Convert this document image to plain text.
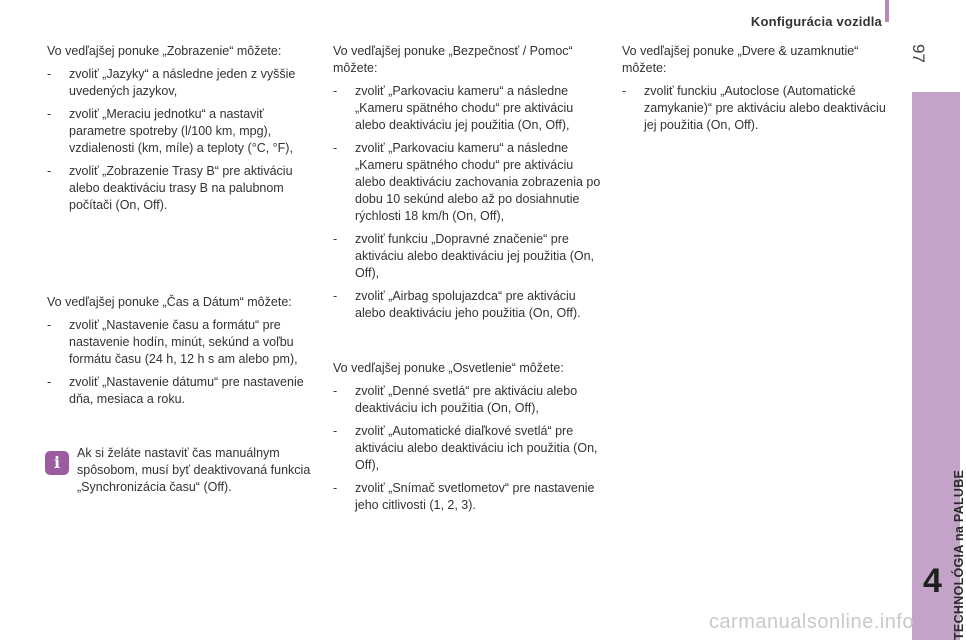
Konfigurácia vozidla
97
TECHNOLÓGIA na PALUBE
4

Vo vedľajšej ponuke „Zobrazenie“ môžete:

- zvoliť „Jazyky“ a následne jeden z vyššie uvedených jazykov,
- zvoliť „Meraciu jednotku“ a nastaviť parametre spotreby (l/100 km, mpg), vzdialenosti (km, míle) a teploty (°C, °F),
- zvoliť „Zobrazenie Trasy B“ pre aktiváciu alebo deaktiváciu trasy B na palubnom počítači (On, Off).

Vo vedľajšej ponuke „Čas a Dátum“ môžete:

- zvoliť „Nastavenie času a formátu“ pre nastavenie hodín, minút, sekúnd a voľbu formátu času (24 h, 12 h s am alebo pm),
- zvoliť „Nastavenie dátumu“ pre nastavenie dňa, mesiaca a roku.
i	Ak si želáte nastaviť čas manuálnym spôsobom, musí byť deaktivovaná funkcia „Synchronizácia času“ (Off).

Vo vedľajšej ponuke „Bezpečnosť / Pomoc“ môžete:

- zvoliť „Parkovaciu kameru“ a následne „Kameru spätného chodu“ pre aktiváciu alebo deaktiváciu jej použitia (On, Off),
- zvoliť „Parkovaciu kameru“ a následne „Kameru spätného chodu“ pre aktiváciu alebo deaktiváciu zachovania zobrazenia po dobu 10 sekúnd alebo až po dosiahnutie rýchlosti 18 km/h (On, Off),
- zvoliť funkciu „Dopravné značenie“ pre aktiváciu alebo deaktiváciu jej použitia (On, Off),
- zvoliť „Airbag spolujazdca“ pre aktiváciu alebo deaktiváciu jeho použitia (On, Off).

Vo vedľajšej ponuke „Osvetlenie“ môžete:

- zvoliť „Denné svetlá“ pre aktiváciu alebo deaktiváciu ich použitia (On, Off),
- zvoliť „Automatické diaľkové svetlá“ pre aktiváciu alebo deaktiváciu ich použitia (On, Off),
- zvoliť „Snímač svetlometov“ pre nastavenie jeho citlivosti (1, 2, 3).

Vo vedľajšej ponuke „Dvere & uzamknutie“ môžete:

- zvoliť funckiu „Autoclose (Automatické zamykanie)“ pre aktiváciu alebo deaktiváciu jej použitia (On, Off).
carmanualsonline.info
